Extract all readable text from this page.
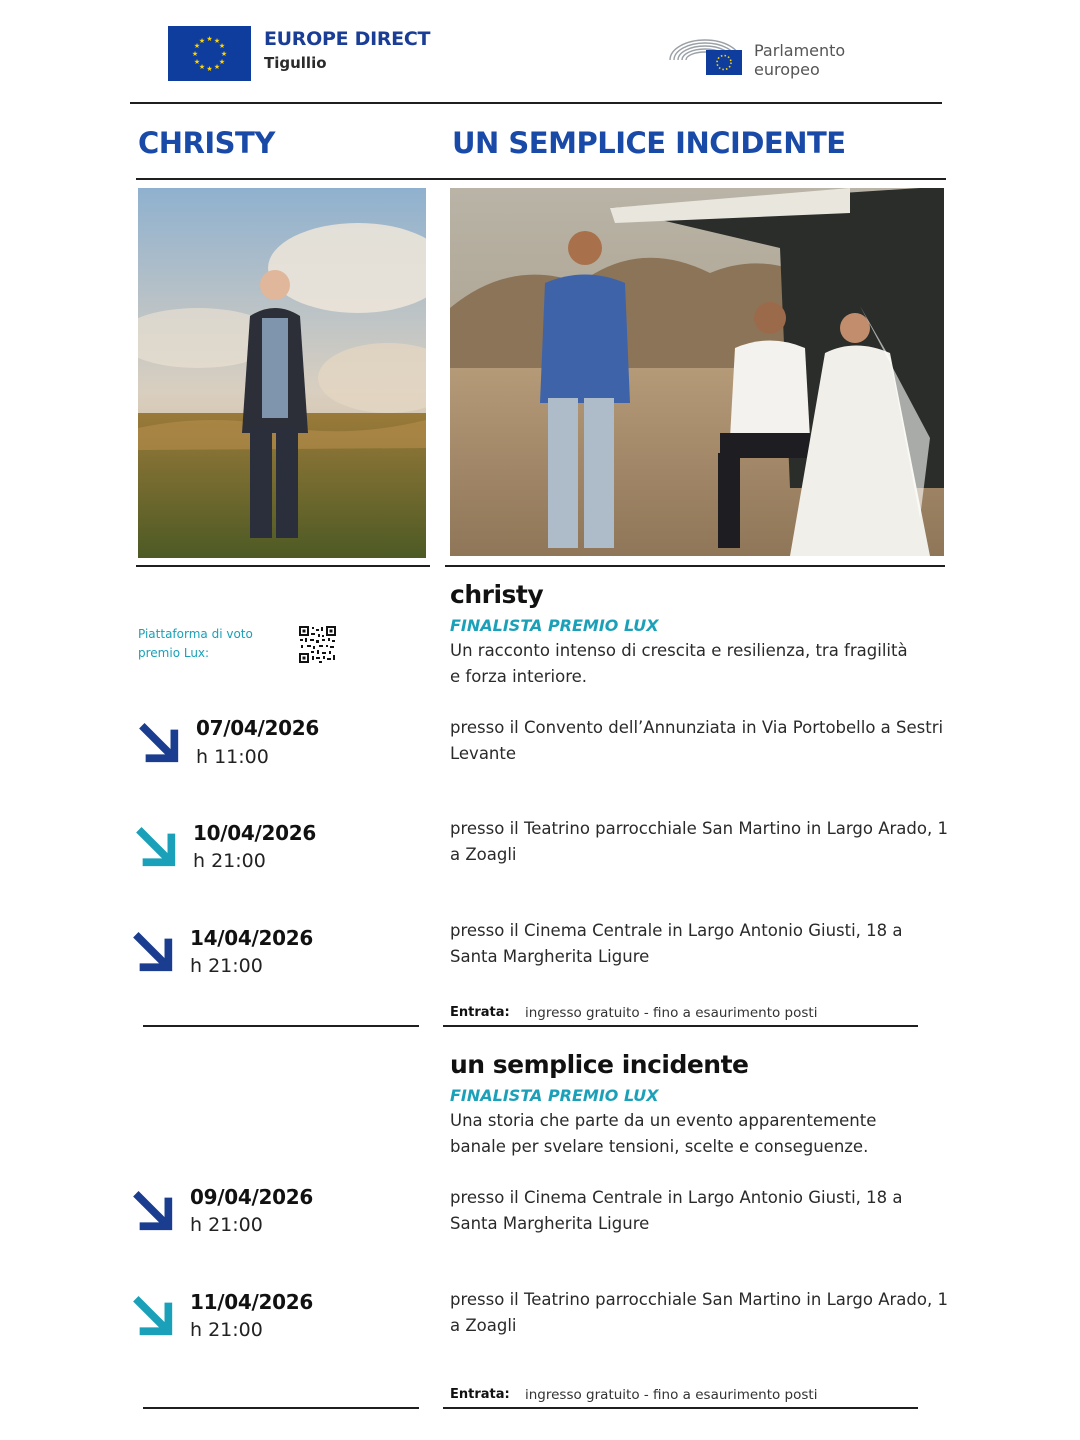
★ ★
★
★
★
★
★
★
★
★
★
★	EUROPE DIRECT
Tigullio
Parlamento
europeo
CHRISTY	UN SEMPLICE INCIDENTE
christy
FINALISTA PREMIO LUX
Un racconto intenso di crescita e resilienza, tra fragilità e forza interiore.
Piattaforma di voto
premio Lux:
07/04/2026
h 11:00
presso il Convento dell’Annunziata in Via Portobello a Sestri Levante
10/04/2026
h 21:00
presso il Teatrino parrocchiale San Martino in Largo Arado, 1 a Zoagli
14/04/2026
h 21:00
presso il Cinema Centrale in Largo Antonio Giusti, 18 a Santa Margherita Ligure
Entrata: ingresso gratuito - fino a esaurimento posti
un semplice incidente
FINALISTA PREMIO LUX
Una storia che parte da un evento apparentemente banale per svelare tensioni, scelte e conseguenze.
09/04/2026
h 21:00
presso il Cinema Centrale in Largo Antonio Giusti, 18 a Santa Margherita Ligure
11/04/2026
h 21:00
presso il Teatrino parrocchiale San Martino in Largo Arado, 1 a Zoagli
Entrata: ingresso gratuito - fino a esaurimento posti
